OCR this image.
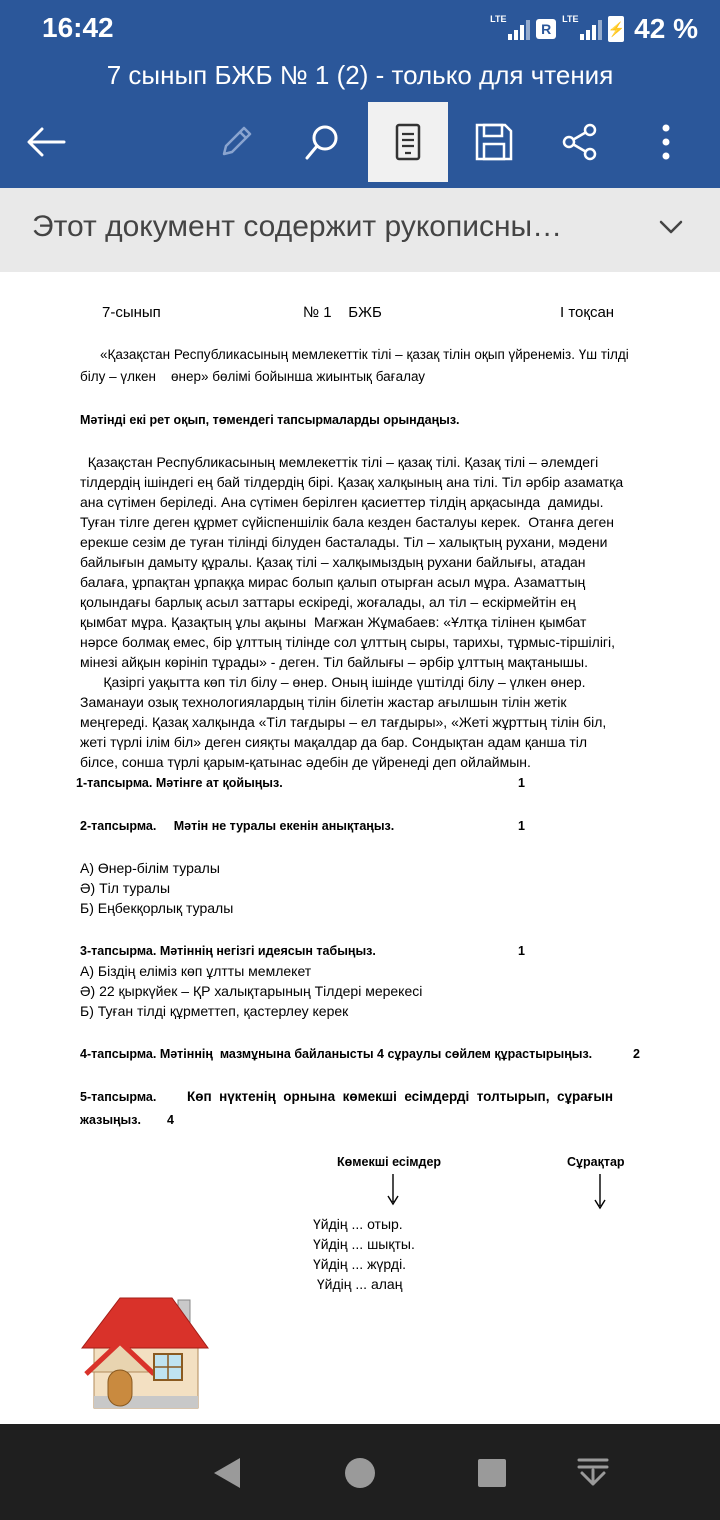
16:42	LTE
R
LTE
⚡ 42 %
7 сынып БЖБ № 1 (2) - только для чтения
Этот документ содержит рукописны…
7-сынып	№ 1    БЖБ	І тоқсан
«Қазақстан Республикасының мемлекеттік тілі – қазақ тілін оқып үйренеміз. Үш тілді
білу – үлкен    өнер» бөлімі бойынша жиынтық бағалау
Мәтінді екі рет оқып, төмендегі тапсырмаларды орындаңыз.
Қазақстан Республикасының мемлекеттік тілі – қазақ тілі. Қазақ тілі – әлемдегі
тілдердің ішіндегі ең бай тілдердің бірі. Қазақ халқының ана тілі. Тіл әрбір азаматқа
ана сүтімен беріледі. Ана сүтімен берілген қасиеттер тілдің арқасында  дамиды.
Туған тілге деген құрмет сүйіспеншілік бала кезден басталуы керек.  Отанға деген
ерекше сезім де туған тілінді білуден басталады. Тіл – халықтың рухани, мәдени
байлығын дамыту құралы. Қазақ тілі – халқымыздың рухани байлығы, атадан
балаға, ұрпақтан ұрпаққа мирас болып қалып отырған асыл мұра. Азаматтың
қолындағы барлық асыл заттары ескіреді, жоғалады, ал тіл – ескірмейтін ең
қымбат мұра. Қазақтың ұлы ақыны  Мағжан Жұмабаев: «Ұлтқа тілінен қымбат
нәрсе болмақ емес, бір ұлттың тілінде сол ұлттың сыры, тарихы, тұрмыс-тіршілігі,
мінезі айқын көрініп тұрады» - деген. Тіл байлығы – әрбір ұлттың мақтанышы.
Қазіргі уақытта көп тіл білу – өнер. Оның ішінде үштілді білу – үлкен өнер.
Заманауи озық технологиялардың тілін білетін жастар ағылшын тілін жетік
меңгереді. Қазақ халқында «Тіл тағдыры – ел тағдыры», «Жеті жұрттың тілін біл,
жеті түрлі ілім біл» деген сияқты мақалдар да бар. Сондықтан адам қанша тіл
білсе, сонша түрлі қарым-қатынас әдебін де үйренеді деп ойлаймын.
1-тапсырма. Мәтінге ат қойыңыз.	1
2-тапсырма.     Мәтін не туралы екенін анықтаңыз.	1
А) Өнер-білім туралы
Ә) Тіл туралы
Б) Еңбекқорлық туралы
3-тапсырма. Мәтіннің негізгі идеясын табыңыз.	1
А) Біздің еліміз көп ұлтты мемлекет
Ә) 22 қыркүйек – ҚР халықтарының Тілдері мерекесі
Б) Туған тілді құрметтеп, қастерлеу керек
4-тапсырма. Мәтіннің  мазмұнына байланысты 4 сұраулы сөйлем құрастырыңыз.	2
5-тапсырма. Көп  нүктенің  орнына  көмекші  есімдерді  толтырып,  сұрағын
жазыңыз. 4
Көмекші есімдер	Сұрақтар
Үйдің ... отыр.
Үйдің ... шықты.
Үйдің ... жүрді.
Үйдің ... алаң
